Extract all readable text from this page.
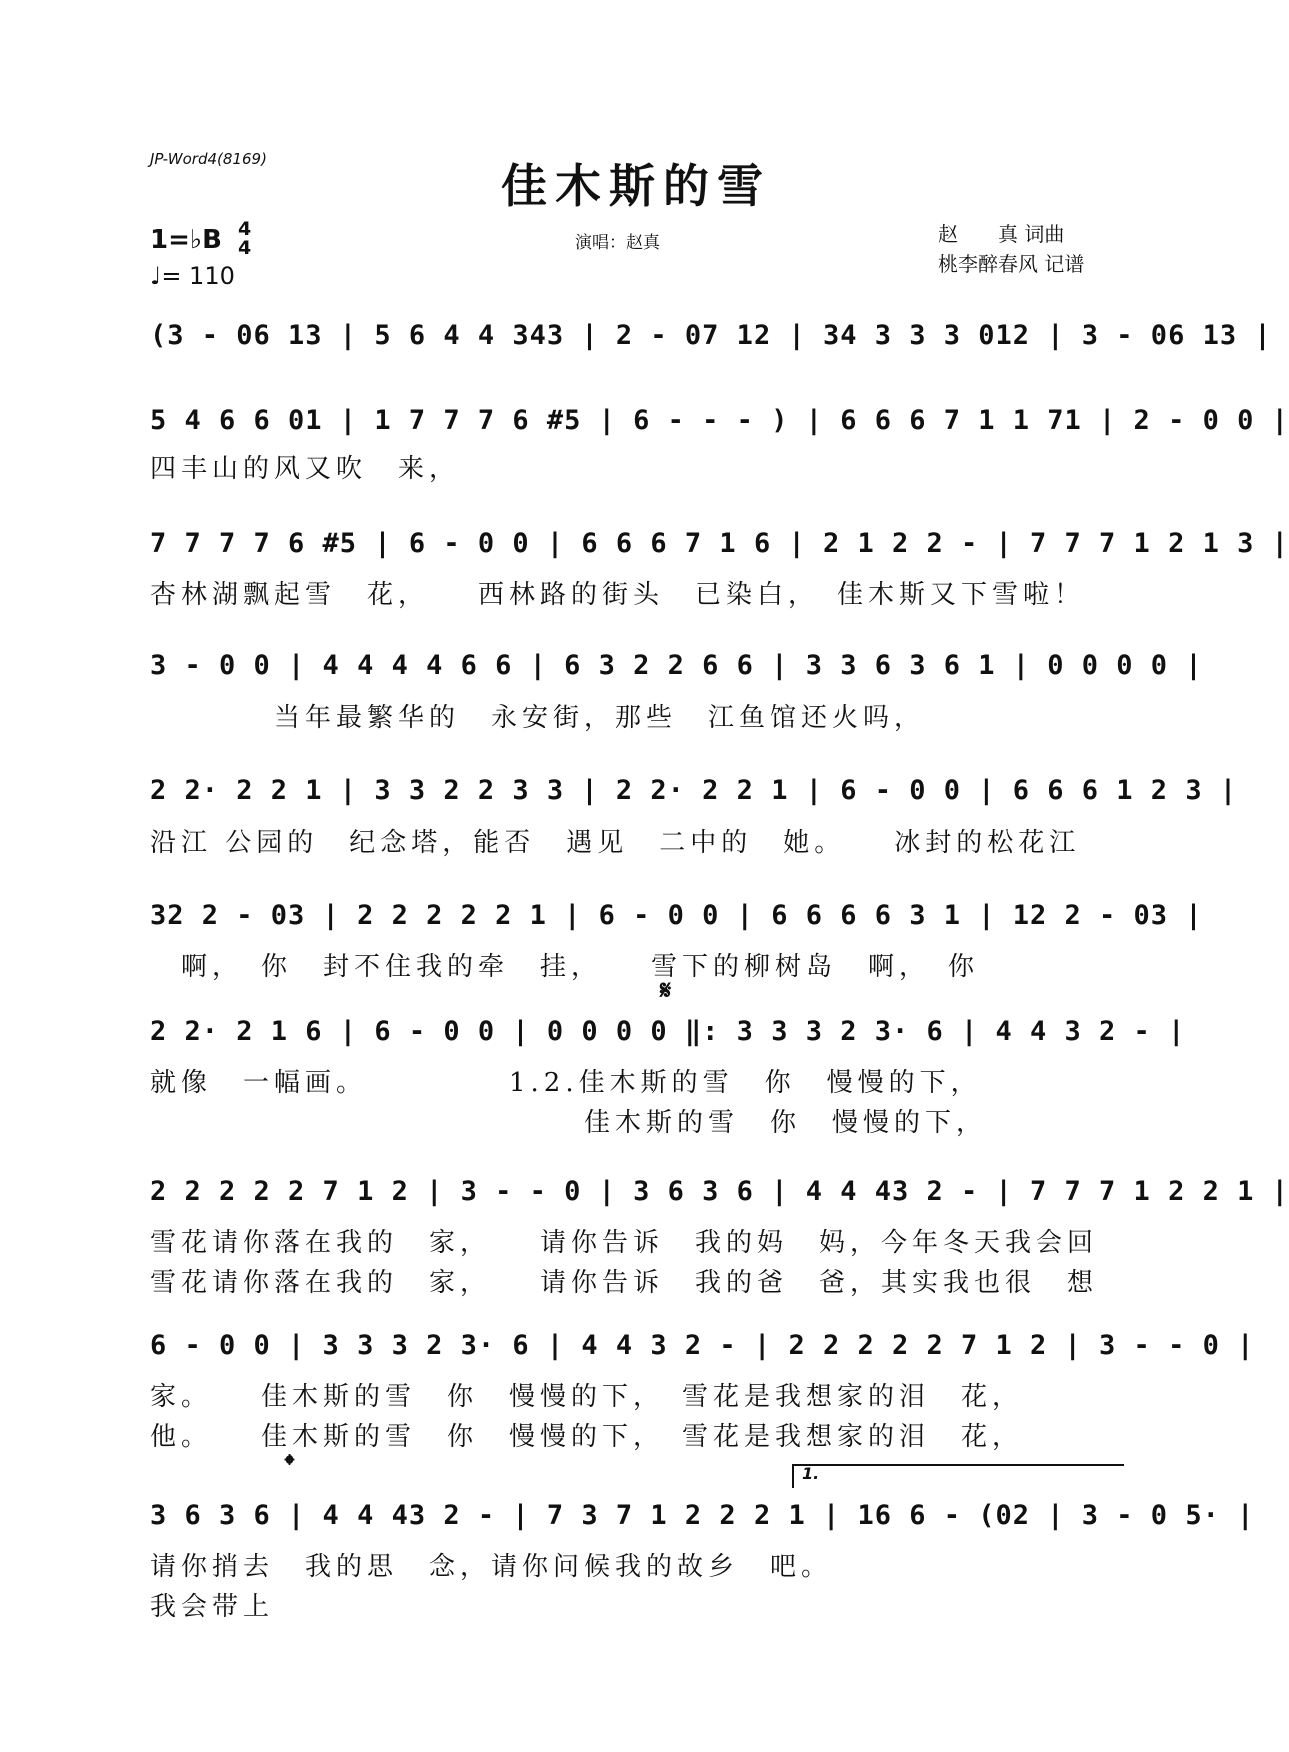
JP-Word4(8169)	佳木斯的雪
1=♭B 4
4
♩= 110
演唱：赵真	赵　　真 词曲
桃李醉春风 记谱
(3 - 06 13 | 5 6 4 4 343 | 2 - 07 12 | 34 3 3 3 012 | 3 - 06 13 |
5 4 6 6 01 | 1 7 7 7 6 #5 | 6 - - - ) | 6 6 6 7 1 1 71 | 2 - 0 0 |
四丰山的风又吹　来，
7 7 7 7 6 #5 | 6 - 0 0 | 6 6 6 7 1 6 | 2 1 2 2 - | 7 7 7 1 2 1 3 |
杏林湖飘起雪　花，　　西林路的街头　已染白，　佳木斯又下雪啦！
3 - 0 0 | 4 4 4 4 6 6 | 6 3 2 2 6 6 | 3 3 6 3 6 1 | 0 0 0 0 |
　　　　当年最繁华的　永安街，那些　江鱼馆还火吗，
2 2· 2 2 1 | 3 3 2 2 3 3 | 2 2· 2 2 1 | 6 - 0 0 | 6 6 6 1 2 3 |
沿江 公园的　纪念塔，能否　遇见　二中的　她。　　冰封的松花江
32 2 - 03 | 2 2 2 2 2 1 | 6 - 0 0 | 6 6 6 6 3 1 | 12 2 - 03 |
　啊，　你　封不住我的牵　挂，　　雪下的柳树岛　啊，　你
𝄋
2 2· 2 1 6 | 6 - 0 0 | 0 0 0 0 ‖: 3 3 3 2 3· 6 | 4 4 3 2 - |
就像　一幅画。　　　　　1.2.佳木斯的雪　你　慢慢的下，
　　　　　　　　　　　　　　佳木斯的雪　你　慢慢的下，
2 2 2 2 2 7 1 2 | 3 - - 0 | 3 6 3 6 | 4 4 43 2 - | 7 7 7 1 2 2 1 |
雪花请你落在我的　家，　　请你告诉　我的妈　妈，今年冬天我会回
雪花请你落在我的　家，　　请你告诉　我的爸　爸，其实我也很　想
6 - 0 0 | 3 3 3 2 3· 6 | 4 4 3 2 - | 2 2 2 2 2 7 1 2 | 3 - - 0 |
家。　　佳木斯的雪　你　慢慢的下，　雪花是我想家的泪　花，
他。　　佳木斯的雪　你　慢慢的下，　雪花是我想家的泪　花，
𝄌	1.
3 6 3 6 | 4 4 43 2 - | 7 3 7 1 2 2 2 1 | 16 6 - (02 | 3 - 0 5· |
请你捎去　我的思　念，请你问候我的故乡　吧。
我会带上
